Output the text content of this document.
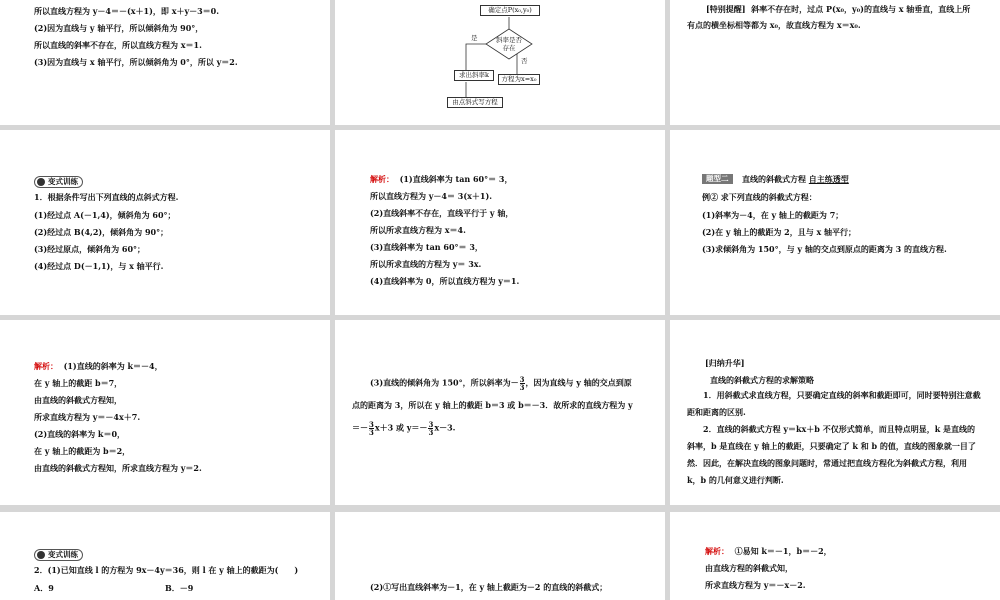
所以直线方程为 y－4＝－(x＋1)，即 x＋y－3＝0.
(2)因为直线与 y 轴平行，所以倾斜角为 90°，
所以直线的斜率不存在，所以直线方程为 x＝1.
(3)因为直线与 x 轴平行，所以倾斜角为 0°，所以 y＝2.
确定点P(x₀,y₀)
斜率是否
存在
是
否
求出斜率k	方程为x=x₀
由点斜式写方程
[特别提醒] 斜率不存在时，过点 P(x₀，y₀)的直线与 x 轴垂直，直线上所
有点的横坐标相等都为 x₀，故直线方程为 x＝x₀.
变式训练
1．根据条件写出下列直线的点斜式方程.
(1)经过点 A(－1,4)，倾斜角为 60°；
(2)经过点 B(4,2)，倾斜角为 90°；
(3)经过原点，倾斜角为 60°；
(4)经过点 D(－1,1)，与 x 轴平行.
解析： (1)直线斜率为 tan 60°＝ 3，
所以直线方程为 y－4＝ 3(x＋1).
(2)直线斜率不存在，直线平行于 y 轴，
所以所求直线方程为 x＝4.
(3)直线斜率为 tan 60°＝ 3，
所以所求直线的方程为 y＝ 3x.
(4)直线斜率为 0，所以直线方程为 y＝1.
题型二	直线的斜截式方程 自主练透型
例② 求下列直线的斜截式方程：
(1)斜率为－4，在 y 轴上的截距为 7；
(2)在 y 轴上的截距为 2，且与 x 轴平行；
(3)求倾斜角为 150°，与 y 轴的交点到原点的距离为 3 的直线方程.
解析： (1)直线的斜率为 k＝－4，
在 y 轴上的截距 b＝7，
由直线的斜截式方程知，
所求直线方程为 y＝－4x＋7.
(2)直线的斜率为 k＝0，
在 y 轴上的截距为 b＝2，
由直线的斜截式方程知，所求直线方程为 y＝2.
(3)直线的倾斜角为 150°，所以斜率为－ $\frac{3}{3}$ ，因为直线与 y 轴的交点到原
点的距离为 3，所以在 y 轴上的截距 b＝3 或 b＝－3．故所求的直线方程为 y
＝－ $\frac{3}{3} x+3$ 或 $y=- \frac{3}{3} x-3$.
[归纳升华]
直线的斜截式方程的求解策略
1．用斜截式求直线方程，只要确定直线的斜率和截距即可，同时要特别注意截距和距离的区别.
2．直线的斜截式方程 y＝kx＋b 不仅形式简单，而且特点明显，k 是直线的斜率，b 是直线在 y 轴上的截距，只要确定了 k 和 b 的值，直线的图象就一目了然．因此，在解决直线的图象问题时，常通过把直线方程化为斜截式方程，利用 k，b 的几何意义进行判断.
变式训练
2．(1)已知直线 l 的方程为 9x－4y＝36，则 l 在 y 轴上的截距为(　　)
A．9	B．－9	(2)①写出直线斜率为－1，在 y 轴上截距为－2 的直线的斜截式；
解析： ①易知 k＝－1，b＝－2，
由直线方程的斜截式知，
所求直线方程为 y＝－x－2.
